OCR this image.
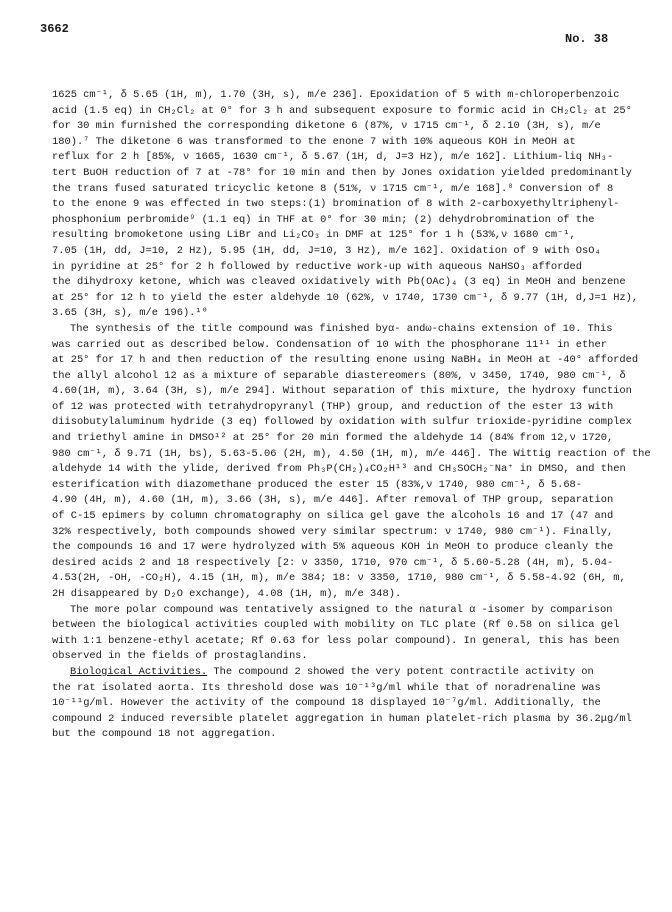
3662
No. 38
1625 cm⁻¹, δ 5.65 (1H, m), 1.70 (3H, s), m/e 236]. Epoxidation of 5 with m-chloroperbenzoic
acid (1.5 eq) in CH₂Cl₂ at 0° for 3 h and subsequent exposure to formic acid in CH₂Cl₂ at 25°
for 30 min furnished the corresponding diketone 6 (87%, ν 1715 cm⁻¹, δ 2.10 (3H, s), m/e
180).⁷ The diketone 6 was transformed to the enone 7 with 10% aqueous KOH in MeOH at
reflux for 2 h [85%, ν 1665, 1630 cm⁻¹, δ 5.67 (1H, d, J=3 Hz), m/e 162]. Lithium-liq NH₃-
tert BuOH reduction of 7 at -78° for 10 min and then by Jones oxidation yielded predominantly
the trans fused saturated tricyclic ketone 8 (51%, ν 1715 cm⁻¹, m/e 168].⁸ Conversion of 8
to the enone 9 was effected in two steps:(1) bromination of 8 with 2-carboxyethyltriphenyl-
phosphonium perbromide⁹ (1.1 eq) in THF at 0° for 30 min; (2) dehydrobromination of the
resulting bromoketone using LiBr and Li₂CO₃ in DMF at 125° for 1 h (53%,ν 1680 cm⁻¹,
7.05 (1H, dd, J=10, 2 Hz), 5.95 (1H, dd, J=10, 3 Hz), m/e 162]. Oxidation of 9 with OsO₄
in pyridine at 25° for 2 h followed by reductive work-up with aqueous NaHSO₃ afforded
the dihydroxy ketone, which was cleaved oxidatively with Pb(OAc)₄ (3 eq) in MeOH and benzene
at 25° for 12 h to yield the ester aldehyde 10 (62%, ν 1740, 1730 cm⁻¹, δ 9.77 (1H, d,J=1 Hz),
3.65 (3H, s), m/e 196).¹⁰
The synthesis of the title compound was finished byα- andω-chains extension of 10. This
was carried out as described below. Condensation of 10 with the phosphorane 11¹¹ in ether
at 25° for 17 h and then reduction of the resulting enone using NaBH₄ in MeOH at -40° afforded
the allyl alcohol 12 as a mixture of separable diastereomers (80%, ν 3450, 1740, 980 cm⁻¹, δ
4.60(1H, m), 3.64 (3H, s), m/e 294]. Without separation of this mixture, the hydroxy function
of 12 was protected with tetrahydropyranyl (THP) group, and reduction of the ester 13 with
diisobutylaluminum hydride (3 eq) followed by oxidation with sulfur trioxide-pyridine complex
and triethyl amine in DMSO¹² at 25° for 20 min formed the aldehyde 14 (84% from 12,ν 1720,
980 cm⁻¹, δ 9.71 (1H, bs), 5.63-5.06 (2H, m), 4.50 (1H, m), m/e 446]. The Wittig reaction of the
aldehyde 14 with the ylide, derived from Ph₃P(CH₂)₄CO₂H¹³ and CH₃SOCH₂⁻Na⁺ in DMSO, and then
esterification with diazomethane produced the ester 15 (83%,ν 1740, 980 cm⁻¹, δ 5.68-
4.90 (4H, m), 4.60 (1H, m), 3.66 (3H, s), m/e 446]. After removal of THP group, separation
of C-15 epimers by column chromatography on silica gel gave the alcohols 16 and 17 (47 and
32% respectively, both compounds showed very similar spectrum: ν 1740, 980 cm⁻¹). Finally,
the compounds 16 and 17 were hydrolyzed with 5% aqueous KOH in MeOH to produce cleanly the
desired acids 2 and 18 respectively [2: ν 3350, 1710, 970 cm⁻¹, δ 5.60-5.28 (4H, m), 5.04-
4.53(2H, -OH, -CO₂H), 4.15 (1H, m), m/e 384; 18: ν 3350, 1710, 980 cm⁻¹, δ 5.58-4.92 (6H, m,
2H disappeared by D₂O exchange), 4.08 (1H, m), m/e 348).
The more polar compound was tentatively assigned to the natural α -isomer by comparison
between the biological activities coupled with mobility on TLC plate (Rf 0.58 on silica gel
with 1:1 benzene-ethyl acetate; Rf 0.63 for less polar compound). In general, this has been
observed in the fields of prostaglandins.
Biological Activities. The compound 2 showed the very potent contractile activity on
the rat isolated aorta. Its threshold dose was 10⁻¹³g/ml while that of noradrenaline was
10⁻¹¹g/ml. However the activity of the compound 18 displayed 10⁻⁷g/ml. Additionally, the
compound 2 induced reversible platelet aggregation in human platelet-rich plasma by 36.2μg/ml
but the compound 18 not aggregation.
